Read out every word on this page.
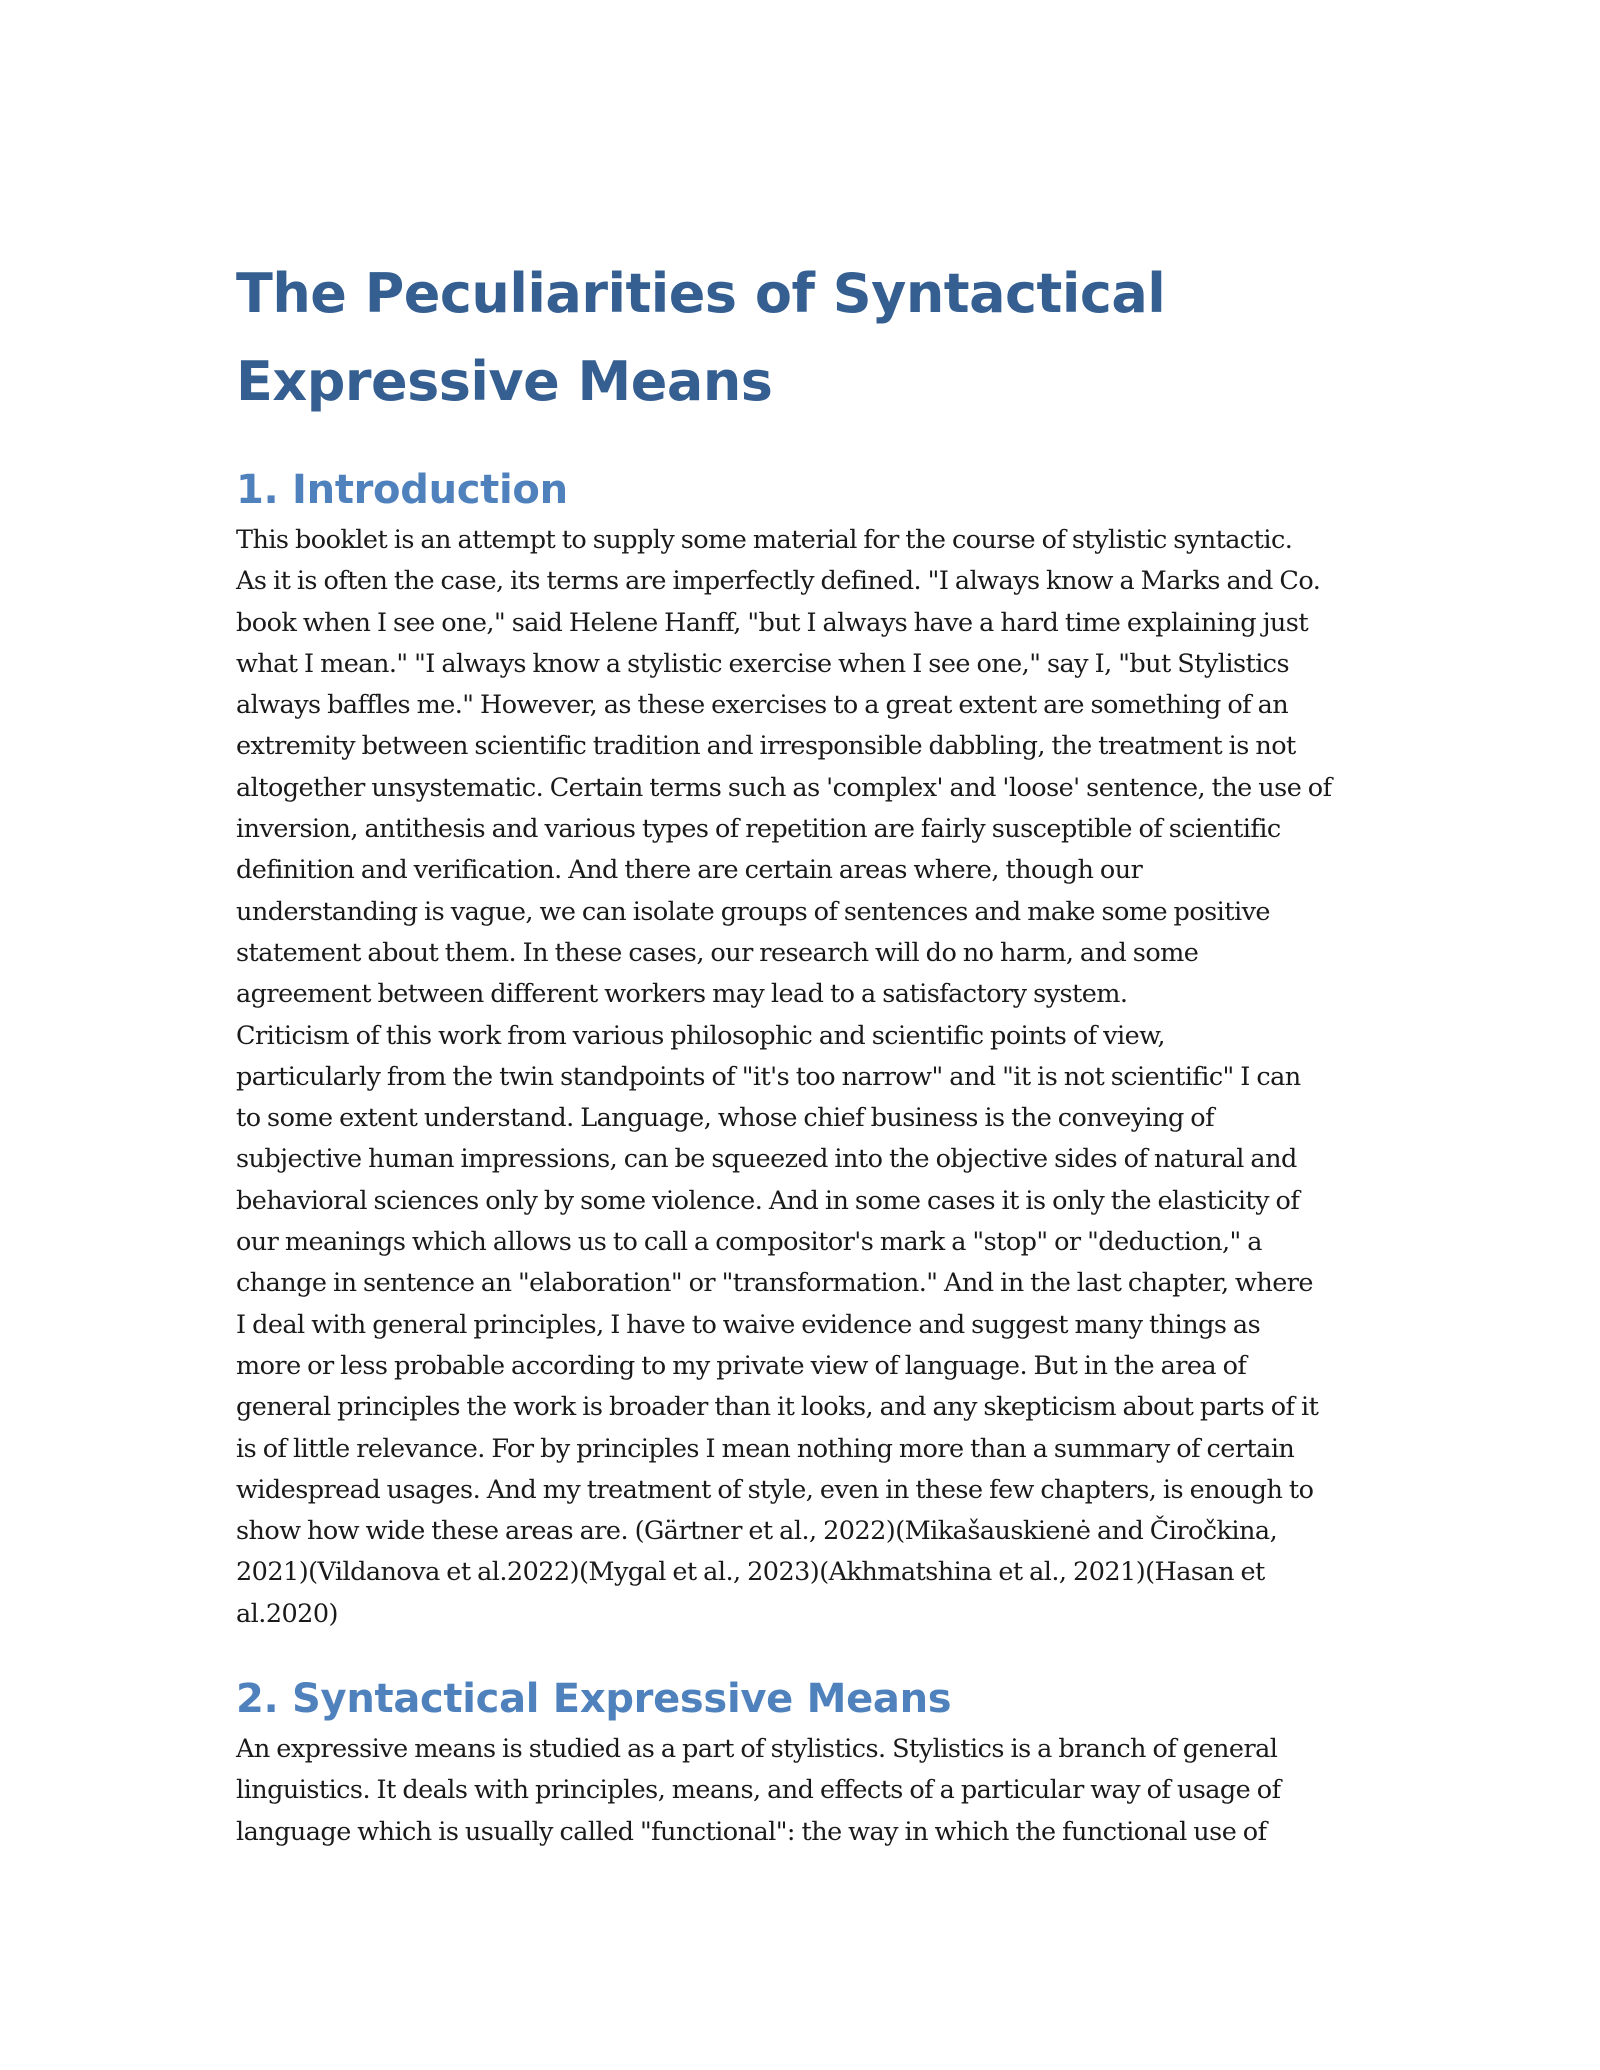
The Peculiarities of Syntactical Expressive Means
1. Introduction

This booklet is an attempt to supply some material for the course of stylistic syntactic.
As it is often the case, its terms are imperfectly defined. "I always know a Marks and Co.
book when I see one," said Helene Hanff, "but I always have a hard time explaining just
what I mean." "I always know a stylistic exercise when I see one," say I, "but Stylistics
always baffles me." However, as these exercises to a great extent are something of an
extremity between scientific tradition and irresponsible dabbling, the treatment is not
altogether unsystematic. Certain terms such as 'complex' and 'loose' sentence, the use of
inversion, antithesis and various types of repetition are fairly susceptible of scientific
definition and verification. And there are certain areas where, though our
understanding is vague, we can isolate groups of sentences and make some positive
statement about them. In these cases, our research will do no harm, and some
agreement between different workers may lead to a satisfactory system.

Criticism of this work from various philosophic and scientific points of view,
particularly from the twin standpoints of "it's too narrow" and "it is not scientific" I can
to some extent understand. Language, whose chief business is the conveying of
subjective human impressions, can be squeezed into the objective sides of natural and
behavioral sciences only by some violence. And in some cases it is only the elasticity of
our meanings which allows us to call a compositor's mark a "stop" or "deduction," a
change in sentence an "elaboration" or "transformation." And in the last chapter, where
I deal with general principles, I have to waive evidence and suggest many things as
more or less probable according to my private view of language. But in the area of
general principles the work is broader than it looks, and any skepticism about parts of it
is of little relevance. For by principles I mean nothing more than a summary of certain
widespread usages. And my treatment of style, even in these few chapters, is enough to
show how wide these areas are. (Gärtner et al., 2022)(Mikašauskienė and Čiročkina,
2021)(Vildanova et al.2022)(Mygal et al., 2023)(Akhmatshina et al., 2021)(Hasan et
al.2020)

2. Syntactical Expressive Means

An expressive means is studied as a part of stylistics. Stylistics is a branch of general
linguistics. It deals with principles, means, and effects of a particular way of usage of
language which is usually called "functional": the way in which the functional use of
